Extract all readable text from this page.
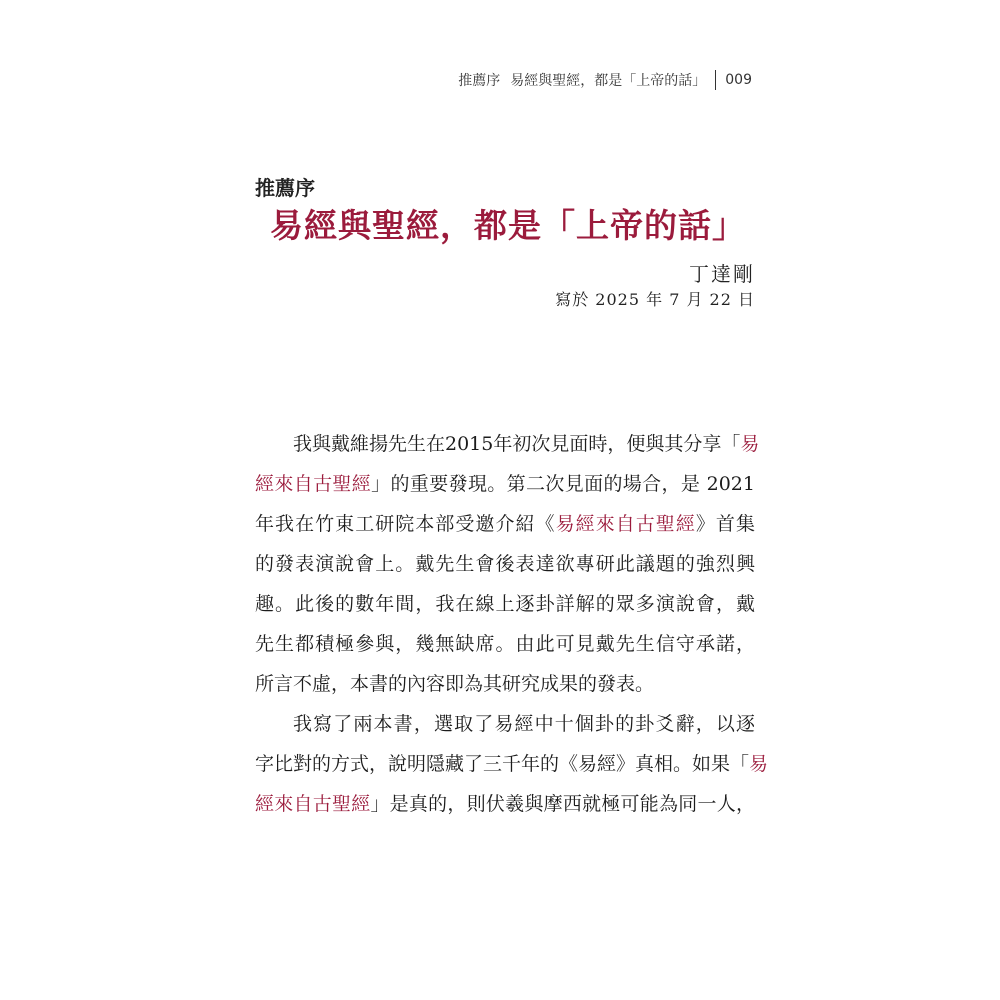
推薦序 易經與聖經，都是「上帝的話」 009
推薦序
易經與聖經，都是「上帝的話」
丁達剛
寫於 2025 年 7 月 22 日
我與戴維揚先生在2015年初次見面時，便與其分享「易
經來自古聖經」的重要發現。第二次見面的場合，是 2021
年我在竹東工研院本部受邀介紹《易經來自古聖經》首集
的發表演說會上。戴先生會後表達欲專研此議題的強烈興
趣。此後的數年間，我在線上逐卦詳解的眾多演說會，戴
先生都積極參與，幾無缺席。由此可見戴先生信守承諾，
所言不虛，本書的內容即為其研究成果的發表。
我寫了兩本書，選取了易經中十個卦的卦爻辭，以逐
字比對的方式，說明隱藏了三千年的《易經》真相。如果「易
經來自古聖經」是真的，則伏羲與摩西就極可能為同一人，
